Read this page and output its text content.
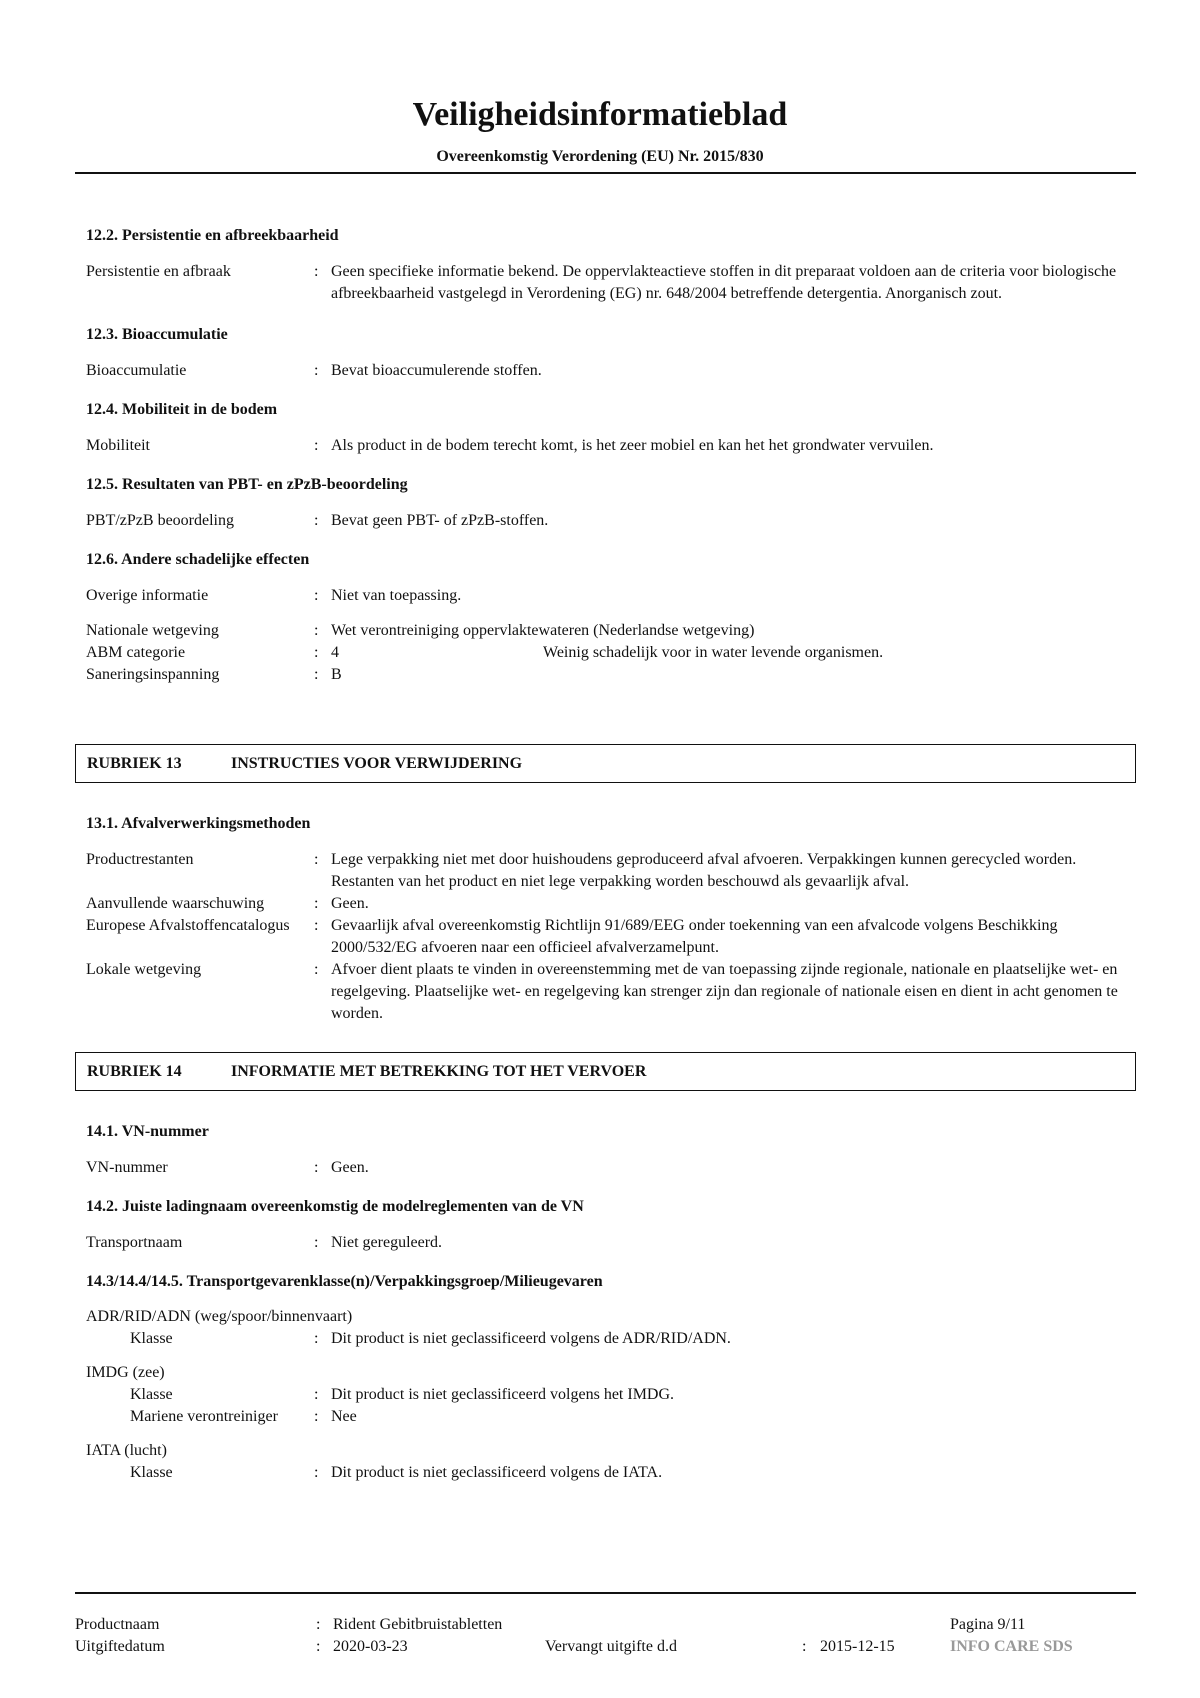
Veiligheidsinformatieblad
Overeenkomstig Verordening (EU) Nr. 2015/830

12.2. Persistentie en afbreekbaarheid

Persistentie en afbraak	: Geen specifieke informatie bekend. De oppervlakteactieve stoffen in dit preparaat voldoen aan de criteria voor biologische afbreekbaarheid vastgelegd in Verordening (EG) nr. 648/2004 betreffende detergentia. Anorganisch zout.

12.3. Bioaccumulatie

Bioaccumulatie	: Bevat bioaccumulerende stoffen.

12.4. Mobiliteit in de bodem

Mobiliteit	: Als product in de bodem terecht komt, is het zeer mobiel en kan het het grondwater vervuilen.

12.5. Resultaten van PBT- en zPzB-beoordeling

PBT/zPzB beoordeling	: Bevat geen PBT- of zPzB-stoffen.

12.6. Andere schadelijke effecten

Overige informatie	: Niet van toepassing.
Nationale wetgeving	: Wet verontreiniging oppervlaktewateren (Nederlandse wetgeving)
ABM categorie	: 4	Weinig schadelijk voor in water levende organismen.
Saneringsinspanning	: B
RUBRIEK 13	INSTRUCTIES VOOR VERWIJDERING

13.1. Afvalverwerkingsmethoden

Productrestanten	: Lege verpakking niet met door huishoudens geproduceerd afval afvoeren. Verpakkingen kunnen gerecycled worden. Restanten van het product en niet lege verpakking worden beschouwd als gevaarlijk afval.
Aanvullende waarschuwing	: Geen.
Europese Afvalstoffencatalogus	: Gevaarlijk afval overeenkomstig Richtlijn 91/689/EEG onder toekenning van een afvalcode volgens Beschikking 2000/532/EG afvoeren naar een officieel afvalverzamelpunt.
Lokale wetgeving	: Afvoer dient plaats te vinden in overeenstemming met de van toepassing zijnde regionale, nationale en plaatselijke wet- en regelgeving. Plaatselijke wet- en regelgeving kan strenger zijn dan regionale of nationale eisen en dient in acht genomen te worden.
RUBRIEK 14	INFORMATIE MET BETREKKING TOT HET VERVOER

14.1. VN-nummer

VN-nummer	: Geen.

14.2. Juiste ladingnaam overeenkomstig de modelreglementen van de VN

Transportnaam	: Niet gereguleerd.

14.3/14.4/14.5. Transportgevarenklasse(n)/Verpakkingsgroep/Milieugevaren

ADR/RID/ADN (weg/spoor/binnenvaart)

Klasse	: Dit product is niet geclassificeerd volgens de ADR/RID/ADN.

IMDG (zee)

Klasse	: Dit product is niet geclassificeerd volgens het IMDG.
Mariene verontreiniger	: Nee

IATA (lucht)

Klasse	: Dit product is niet geclassificeerd volgens de IATA.
Productnaam	: Rident Gebitbruistabletten	Pagina 9/11
Uitgiftedatum	: 2020-03-23	Vervangt uitgifte d.d	: 2015-12-15	INFO CARE SDS
